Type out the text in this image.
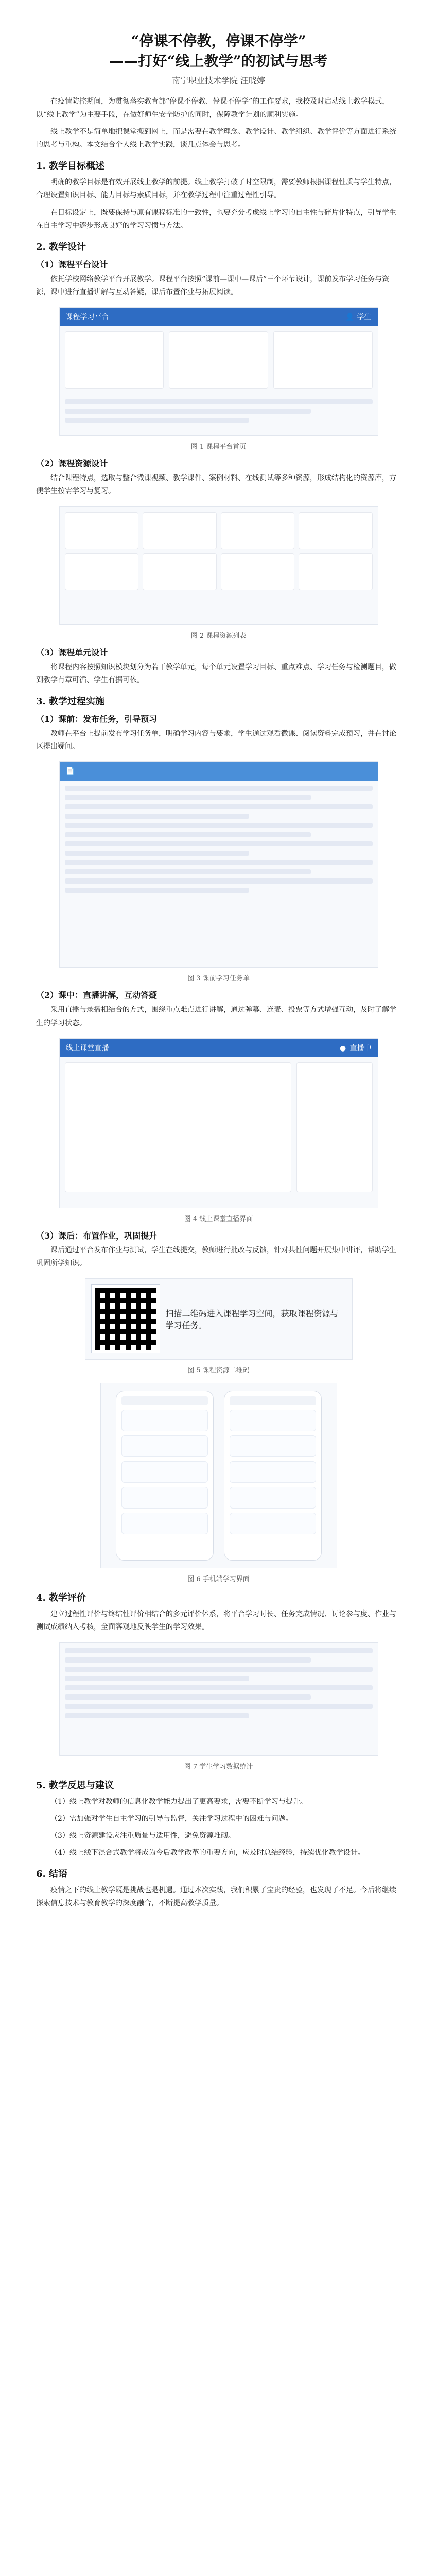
“停课不停教，停课不停学”
——打好“线上教学”的初试与思考
南宁职业技术学院 汪晓婷

在疫情防控期间，为贯彻落实教育部“停课不停教、停课不停学”的工作要求，我校及时启动线上教学模式，以“线上教学”为主要手段，在做好师生安全防护的同时，保障教学计划的顺利实施。

线上教学不是简单地把课堂搬到网上，而是需要在教学理念、教学设计、教学组织、教学评价等方面进行系统的思考与重构。本文结合个人线上教学实践，谈几点体会与思考。

1. 教学目标概述

明确的教学目标是有效开展线上教学的前提。线上教学打破了时空限制，需要教师根据课程性质与学生特点，合理设置知识目标、能力目标与素质目标，并在教学过程中注重过程性引导。

在目标设定上，既要保持与原有课程标准的一致性，也要充分考虑线上学习的自主性与碎片化特点，引导学生在自主学习中逐步形成良好的学习习惯与方法。

2. 教学设计
（1）课程平台设计

依托学校网络教学平台开展教学。课程平台按照“课前—课中—课后”三个环节设计，课前发布学习任务与资源，课中进行直播讲解与互动答疑，课后布置作业与拓展阅读。

课程学习平台	👤 学生
图 1 课程平台首页
（2）课程资源设计

结合课程特点，选取与整合微课视频、教学课件、案例材料、在线测试等多种资源，形成结构化的资源库，方便学生按需学习与复习。

图 2 课程资源列表
（3）课程单元设计

将课程内容按照知识模块划分为若干教学单元，每个单元设置学习目标、重点难点、学习任务与检测题目，做到教学有章可循、学生有据可依。

3. 教学过程实施
（1）课前：发布任务，引导预习

教师在平台上提前发布学习任务单，明确学习内容与要求，学生通过观看微课、阅读资料完成预习，并在讨论区提出疑问。

📄
图 3 课前学习任务单
（2）课中：直播讲解，互动答疑

采用直播与录播相结合的方式，围绕重点难点进行讲解，通过弹幕、连麦、投票等方式增强互动，及时了解学生的学习状态。

线上课堂直播	● 直播中
图 4 线上课堂直播界面
（3）课后：布置作业，巩固提升

课后通过平台发布作业与测试，学生在线提交，教师进行批改与反馈，针对共性问题开展集中讲评，帮助学生巩固所学知识。

扫描二维码进入课程学习空间，获取课程资源与学习任务。
图 5 课程资源二维码
图 6 手机端学习界面
4. 教学评价

建立过程性评价与终结性评价相结合的多元评价体系，将平台学习时长、任务完成情况、讨论参与度、作业与测试成绩纳入考核，全面客观地反映学生的学习效果。

图 7 学生学习数据统计
5. 教学反思与建议

（1）线上教学对教师的信息化教学能力提出了更高要求，需要不断学习与提升。

（2）需加强对学生自主学习的引导与监督，关注学习过程中的困难与问题。

（3）线上资源建设应注重质量与适用性，避免资源堆砌。

（4）线上线下混合式教学将成为今后教学改革的重要方向，应及时总结经验，持续优化教学设计。

6. 结语

疫情之下的线上教学既是挑战也是机遇。通过本次实践，我们积累了宝贵的经验，也发现了不足。今后将继续探索信息技术与教育教学的深度融合，不断提高教学质量。
